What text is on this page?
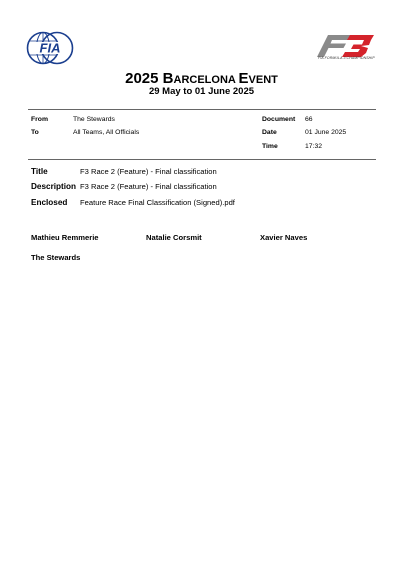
FIA
FIA FORMULA 3 CHAMPIONSHIP
2025 BARCELONA EVENT
29 May to 01 June 2025
From	The Stewards
To	All Teams, All Officials
Document 66
Date	01 June 2025
Time	17:32
Title	F3 Race 2 (Feature) - Final classification
Description F3 Race 2 (Feature) - Final classification
Enclosed Feature Race Final Classification (Signed).pdf
Mathieu Remmerie	Natalie Corsmit	Xavier Naves
The Stewards
